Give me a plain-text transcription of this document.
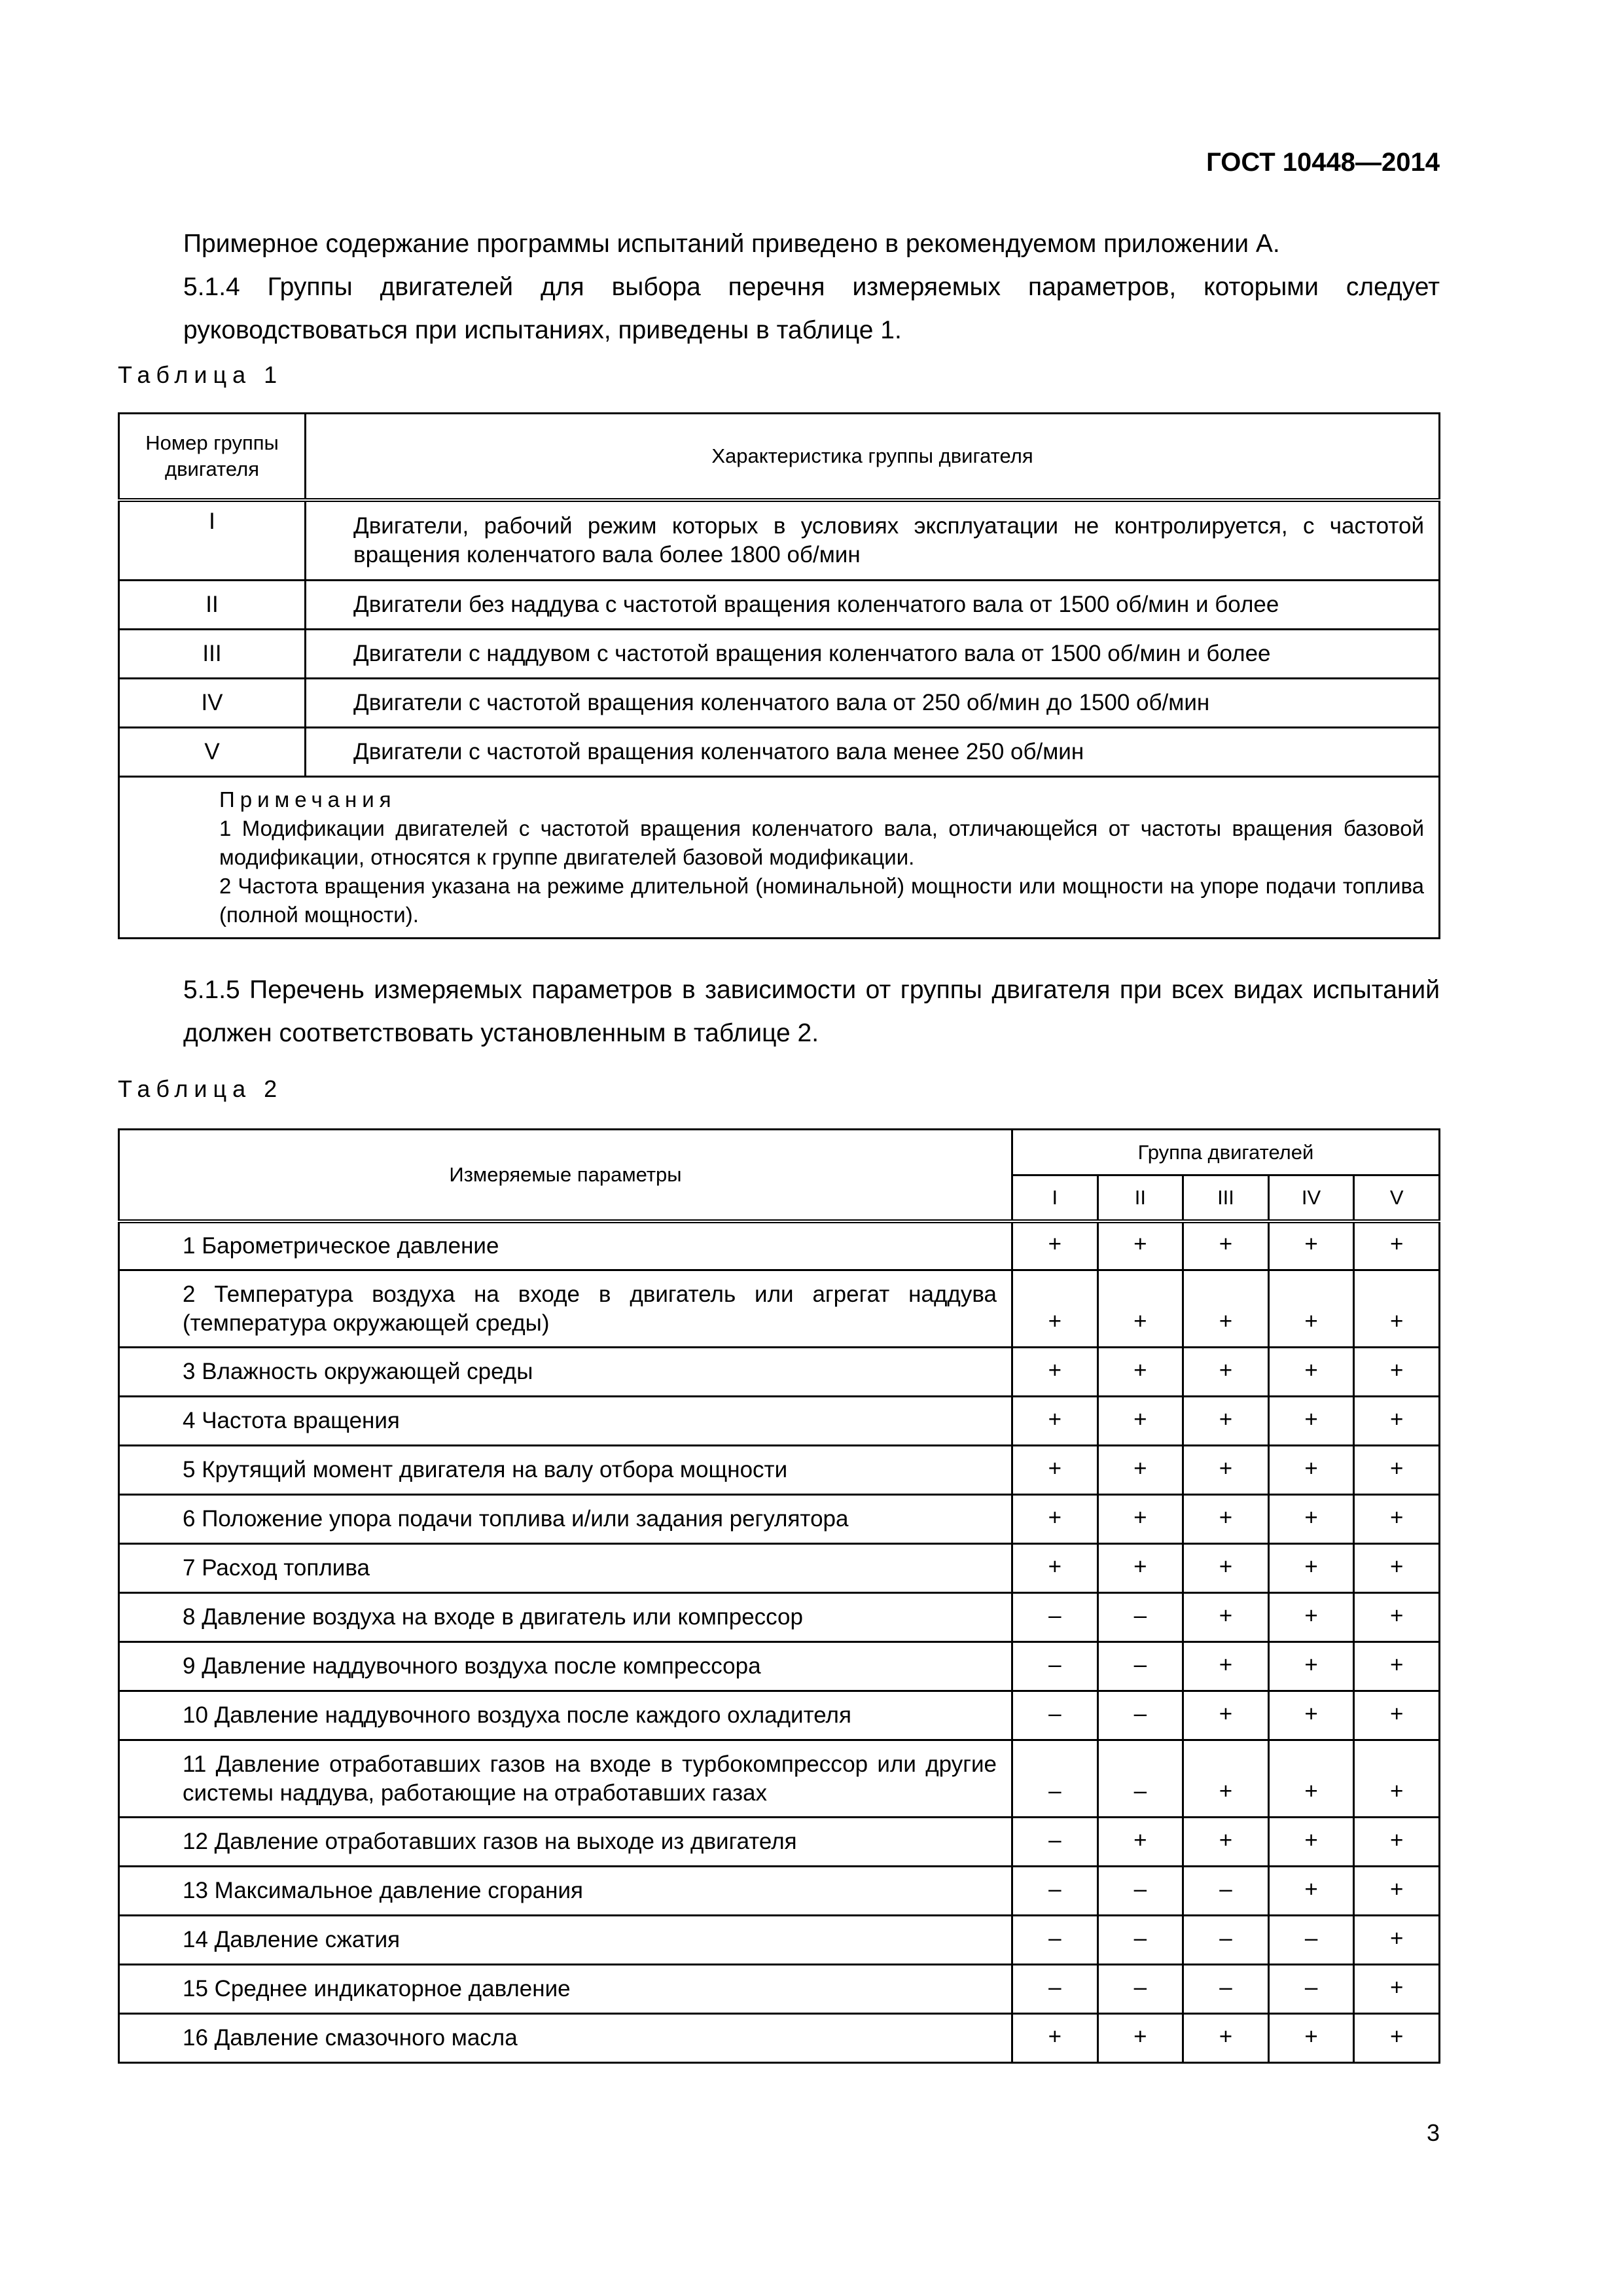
ГОСТ 10448—2014
Примерное содержание программы испытаний приведено в рекомендуемом приложении А.
5.1.4 Группы двигателей для выбора перечня измеряемых параметров, которыми следует руководствоваться при испытаниях, приведены в таблице 1.
Таблица 1
Номер группы двигателя	Характеристика группы двигателя
I	Двигатели, рабочий режим которых в условиях эксплуатации не контролируется, с частотой вращения коленчатого вала более 1800 об/мин

II	Двигатели без наддува с частотой вращения коленчатого вала от 1500 об/мин и более

III	Двигатели с наддувом с частотой вращения коленчатого вала от 1500 об/мин и более

IV	Двигатели с частотой вращения коленчатого вала от 250 об/мин до 1500 об/мин

V	Двигатели с частотой вращения коленчатого вала менее 250 об/мин

Примечания
1 Модификации двигателей с частотой вращения коленчатого вала, отличающейся от частоты вращения базовой модификации, относятся к группе двигателей базовой модификации.
2 Частота вращения указана на режиме длительной (номинальной) мощности или мощности на упоре подачи топлива (полной мощности).	
5.1.5 Перечень измеряемых параметров в зависимости от группы двигателя при всех видах испытаний должен соответствовать установленным в таблице 2.
Таблица 2
Измеряемые параметры	Группа двигателей				
	I	II	III	IV	V

1 Барометрическое давление	+	+	+	+	+

2 Температура воздуха на входе в двигатель или агрегат наддува (температура окружающей среды)	+	+	+	+	+

3 Влажность окружающей среды	+	+	+	+	+

4 Частота вращения	+	+	+	+	+

5 Крутящий момент двигателя на валу отбора мощности	+	+	+	+	+

6 Положение упора подачи топлива и/или задания регулятора	+	+	+	+	+

7 Расход топлива	+	+	+	+	+

8 Давление воздуха на входе в двигатель или компрессор	–	–	+	+	+

9 Давление наддувочного воздуха после компрессора	–	–	+	+	+

10 Давление наддувочного воздуха после каждого охладителя	–	–	+	+	+

11 Давление отработавших газов на входе в турбокомпрессор или другие системы наддува, работающие на отработавших газах	–	–	+	+	+

12 Давление отработавших газов на выходе из двигателя	–	+	+	+	+

13 Максимальное давление сгорания	–	–	–	+	+

14 Давление сжатия	–	–	–	–	+

15 Среднее индикаторное давление	–	–	–	–	+

16 Давление смазочного масла	+	+	+	+	+
3
